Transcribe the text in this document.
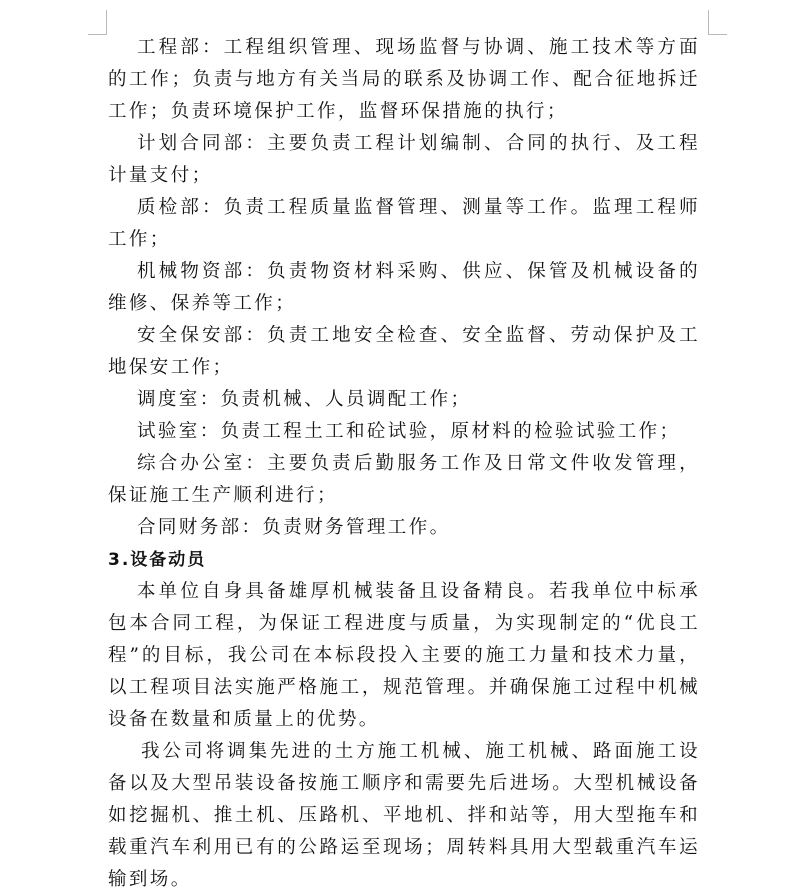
工程部：工程组织管理、现场监督与协调、施工技术等方面的工作；负责与地方有关当局的联系及协调工作、配合征地拆迁工作；负责环境保护工作，监督环保措施的执行；

计划合同部：主要负责工程计划编制、合同的执行、及工程计量支付；

质检部：负责工程质量监督管理、测量等工作。监理工程师工作；

机械物资部：负责物资材料采购、供应、保管及机械设备的维修、保养等工作；

安全保安部：负责工地安全检查、安全监督、劳动保护及工地保安工作；

调度室：负责机械、人员调配工作；

试验室：负责工程土工和砼试验，原材料的检验试验工作；

综合办公室：主要负责后勤服务工作及日常文件收发管理，保证施工生产顺利进行；

合同财务部：负责财务管理工作。

3.设备动员

本单位自身具备雄厚机械装备且设备精良。若我单位中标承包本合同工程，为保证工程进度与质量，为实现制定的“优良工程”的目标，我公司在本标段投入主要的施工力量和技术力量，以工程项目法实施严格施工，规范管理。并确保施工过程中机械设备在数量和质量上的优势。

我公司将调集先进的土方施工机械、施工机械、路面施工设备以及大型吊装设备按施工顺序和需要先后进场。大型机械设备如挖掘机、推土机、压路机、平地机、拌和站等，用大型拖车和载重汽车利用已有的公路运至现场；周转料具用大型载重汽车运输到场。
